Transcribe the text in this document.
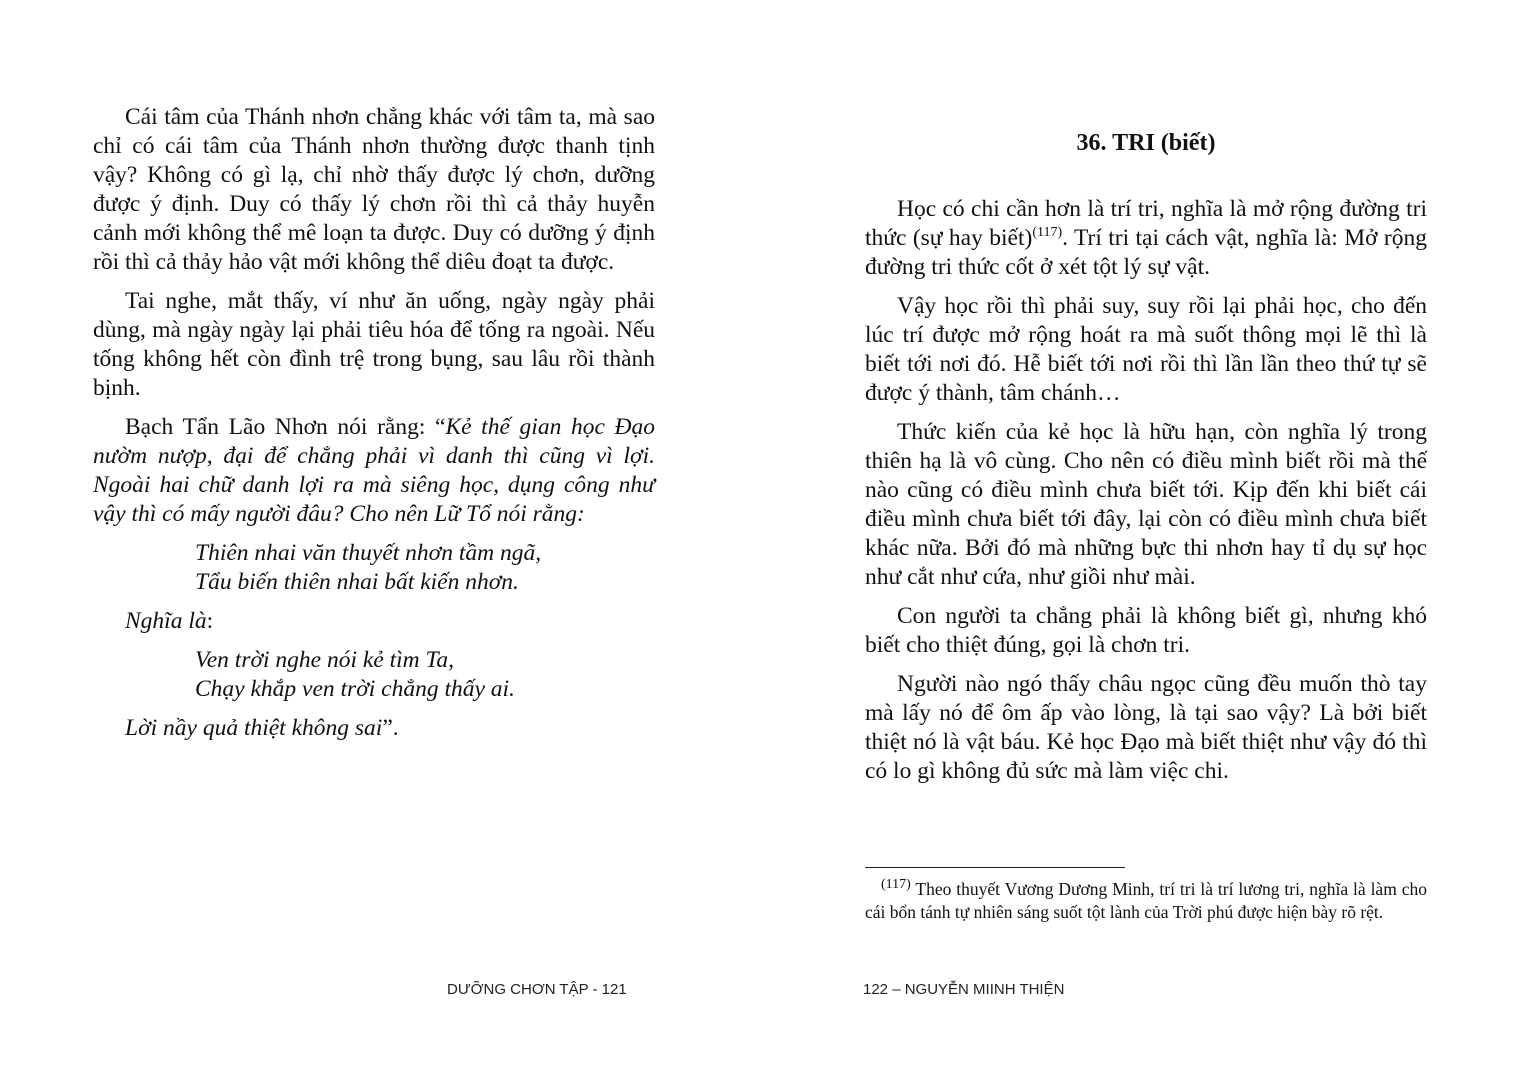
Cái tâm của Thánh nhơn chẳng khác với tâm ta, mà sao chỉ có cái tâm của Thánh nhơn thường được thanh tịnh vậy? Không có gì lạ, chỉ nhờ thấy được lý chơn, dưỡng được ý định. Duy có thấy lý chơn rồi thì cả thảy huyễn cảnh mới không thể mê loạn ta được. Duy có dưỡng ý định rồi thì cả thảy hảo vật mới không thể diêu đoạt ta được.

Tai nghe, mắt thấy, ví như ăn uống, ngày ngày phải dùng, mà ngày ngày lại phải tiêu hóa để tống ra ngoài. Nếu tống không hết còn đình trệ trong bụng, sau lâu rồi thành bịnh.

Bạch Tẩn Lão Nhơn nói rằng: “Kẻ thế gian học Đạo nườm nượp, đại để chẳng phải vì danh thì cũng vì lợi. Ngoài hai chữ danh lợi ra mà siêng học, dụng công như vậy thì có mấy người đâu? Cho nên Lữ Tổ nói rằng:

Thiên nhai văn thuyết nhơn tầm ngã,
Tẩu biến thiên nhai bất kiến nhơn.
Nghĩa là:
Ven trời nghe nói kẻ tìm Ta,
Chạy khắp ven trời chẳng thấy ai.
Lời nầy quả thiệt không sai”.
DƯỠNG CHƠN TẬP - 121
36. TRI (biết)

Học có chi cần hơn là trí tri, nghĩa là mở rộng đường tri thức (sự hay biết)$^{(117)}$. Trí tri tại cách vật, nghĩa là: Mở rộng đường tri thức cốt ở xét tột lý sự vật.

Vậy học rồi thì phải suy, suy rồi lại phải học, cho đến lúc trí được mở rộng hoát ra mà suốt thông mọi lẽ thì là biết tới nơi đó. Hễ biết tới nơi rồi thì lần lần theo thứ tự sẽ được ý thành, tâm chánh…

Thức kiến của kẻ học là hữu hạn, còn nghĩa lý trong thiên hạ là vô cùng. Cho nên có điều mình biết rồi mà thế nào cũng có điều mình chưa biết tới. Kịp đến khi biết cái điều mình chưa biết tới đây, lại còn có điều mình chưa biết khác nữa. Bởi đó mà những bực thi nhơn hay tỉ dụ sự học như cắt như cứa, như giồi như mài.

Con người ta chẳng phải là không biết gì, nhưng khó biết cho thiệt đúng, gọi là chơn tri.

Người nào ngó thấy châu ngọc cũng đều muốn thò tay mà lấy nó để ôm ấp vào lòng, là tại sao vậy? Là bởi biết thiệt nó là vật báu. Kẻ học Đạo mà biết thiệt như vậy đó thì có lo gì không đủ sức mà làm việc chi.

$^{(117)}$ Theo thuyết Vương Dương Minh, trí tri là trí lương tri, nghĩa là làm cho cái bổn tánh tự nhiên sáng suốt tột lành của Trời phú được hiện bày rõ rệt.
122 – NGUYỄN MIINH THIỆN
